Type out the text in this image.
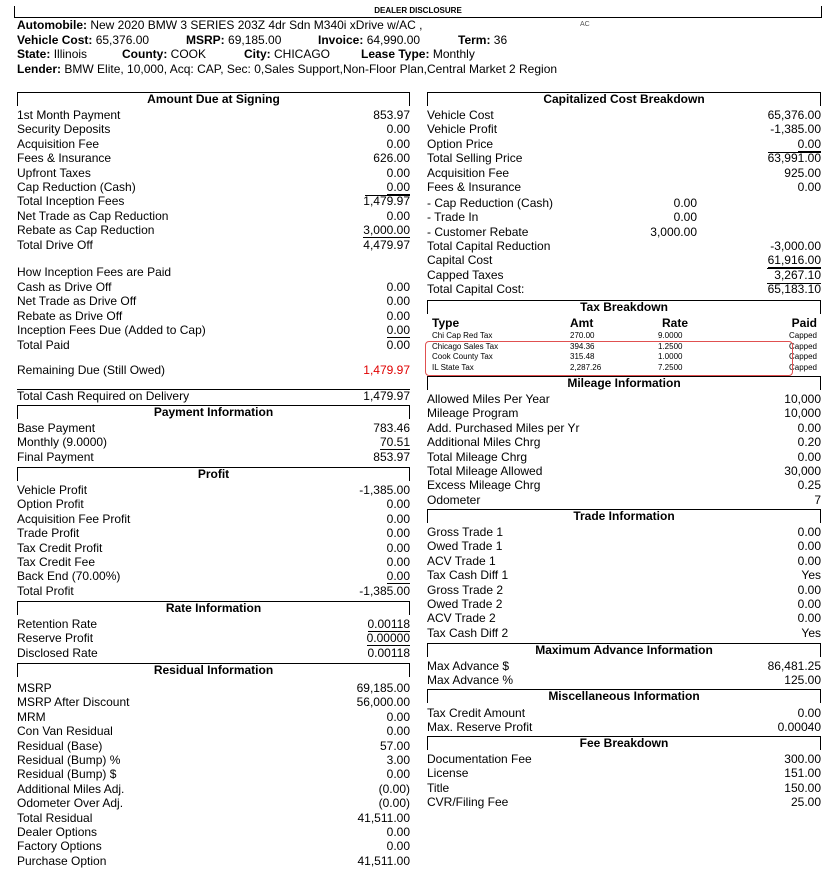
DEALER DISCLOSURE
Automobile: New 2020 BMW 3 SERIES 203Z 4dr Sdn M340i xDrive w/AC ,	AC
Vehicle Cost: 65,376.00	MSRP: 69,185.00	Invoice: 64,990.00	Term: 36
State: Illinois	County: COOK	City: CHICAGO	Lease Type: Monthly
Lender: BMW Elite, 10,000, Acq: CAP, Sec: 0,Sales Support,Non-Floor Plan,Central Market 2 Region
Amount Due at Signing
1st Month Payment	853.97
Security Deposits	0.00
Acquisition Fee	0.00
Fees & Insurance	626.00
Upfront Taxes	0.00
Cap Reduction (Cash)	0.00
Total Inception Fees	1,479.97
Net Trade as Cap Reduction	0.00
Rebate as Cap Reduction	3,000.00
Total Drive Off	4,479.97
How Inception Fees are Paid
Cash as Drive Off	0.00
Net Trade as Drive Off	0.00
Rebate as Drive Off	0.00
Inception Fees Due (Added to Cap)	0.00
Total Paid	0.00
Remaining Due (Still Owed)	1,479.97
Total Cash Required on Delivery	1,479.97
Payment Information
Base Payment	783.46
Monthly (9.0000)	70.51
Final Payment	853.97
Profit
Vehicle Profit	-1,385.00
Option Profit	0.00
Acquisition Fee Profit	0.00
Trade Profit	0.00
Tax Credit Profit	0.00
Tax Credit Fee	0.00
Back End (70.00%)	0.00
Total Profit	-1,385.00
Rate Information
Retention Rate	0.00118
Reserve Profit	0.00000
Disclosed Rate	0.00118
Residual Information
MSRP	69,185.00
MSRP After Discount	56,000.00
MRM	0.00
Con Van Residual	0.00
Residual (Base)	57.00
Residual (Bump) %	3.00
Residual (Bump) $	0.00
Additional Miles Adj.	(0.00)
Odometer Over Adj.	(0.00)
Total Residual	41,511.00
Dealer Options	0.00
Factory Options	0.00
Purchase Option	41,511.00
Capitalized Cost Breakdown
Vehicle Cost	65,376.00
Vehicle Profit	-1,385.00
Option Price	0.00
Total Selling Price	63,991.00
Acquisition Fee	925.00
Fees & Insurance	0.00
- Cap Reduction (Cash)	0.00
- Trade In	0.00
- Customer Rebate	3,000.00
Total Capital Reduction	-3,000.00
Capital Cost	61,916.00
Capped Taxes	3,267.10
Total Capital Cost:	65,183.10
Tax Breakdown
Type	Amt	Rate	Paid
Chi Cap Red Tax	270.00	9.0000	Capped
Chicago Sales Tax	394.36	1.2500	Capped
Cook County Tax	315.48	1.0000	Capped
IL State Tax	2,287.26	7.2500	Capped
Mileage Information
Allowed Miles Per Year	10,000
Mileage Program	10,000
Add. Purchased Miles per Yr	0.00
Additional Miles Chrg	0.20
Total Mileage Chrg	0.00
Total Mileage Allowed	30,000
Excess Mileage Chrg	0.25
Odometer	7
Trade Information
Gross Trade 1	0.00
Owed Trade 1	0.00
ACV Trade 1	0.00
Tax Cash Diff 1	Yes
Gross Trade 2	0.00
Owed Trade 2	0.00
ACV Trade 2	0.00
Tax Cash Diff 2	Yes
Maximum Advance Information
Max Advance $	86,481.25
Max Advance %	125.00
Miscellaneous Information
Tax Credit Amount	0.00
Max. Reserve Profit	0.00040
Fee Breakdown
Documentation Fee	300.00
License	151.00
Title	150.00
CVR/Filing Fee	25.00
